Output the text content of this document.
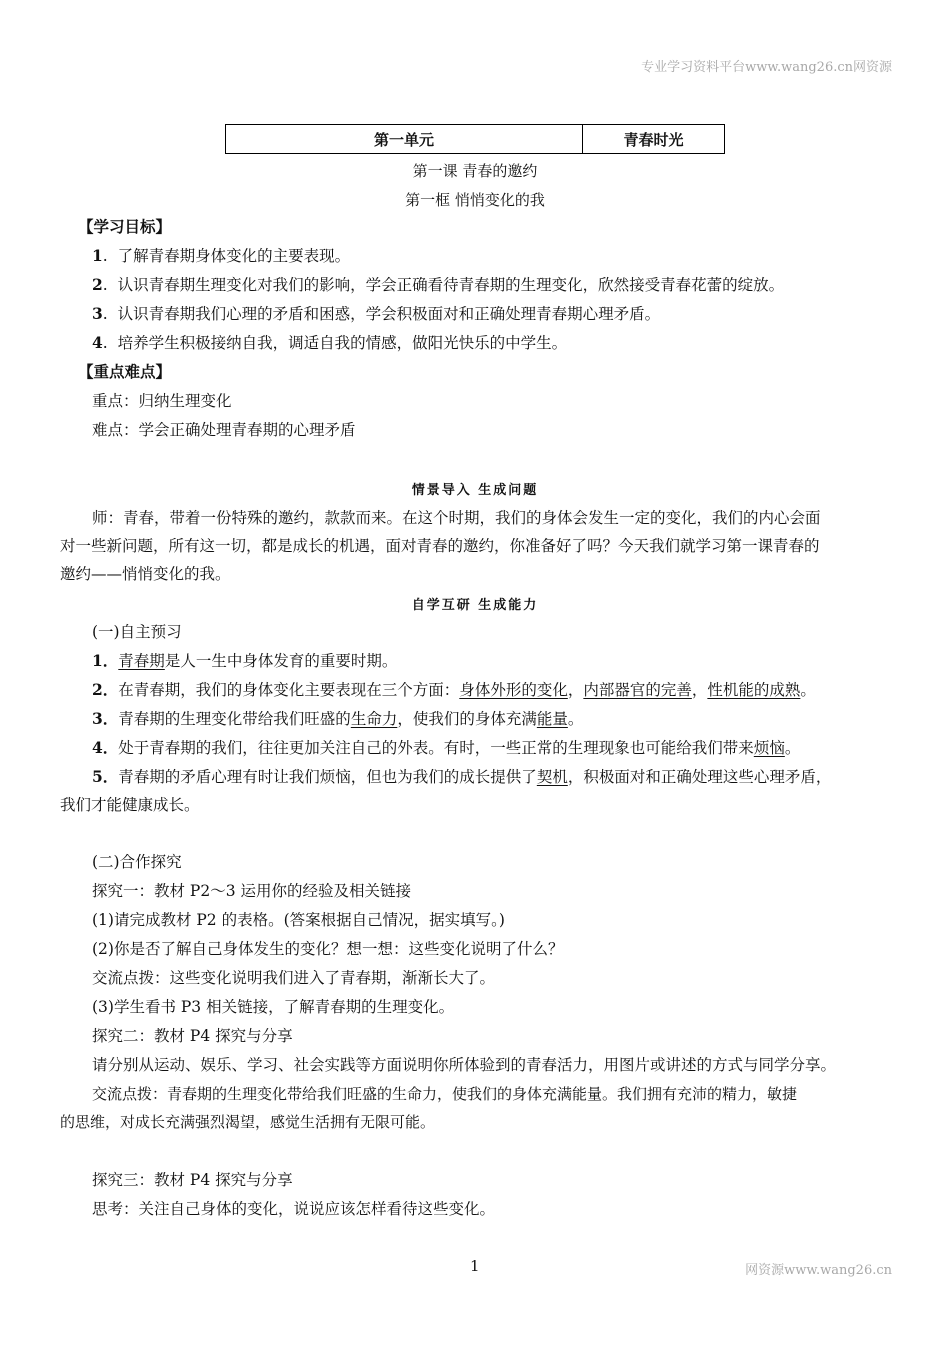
专业学习资料平台www.wang26.cn网资源
第一单元	青春时光
第一课 青春的邀约
第一框 悄悄变化的我
【学习目标】
1.  了解青春期身体变化的主要表现。
2.  认识青春期生理变化对我们的影响，学会正确看待青春期的生理变化，欣然接受青春花蕾的绽放。
3.  认识青春期我们心理的矛盾和困惑，学会积极面对和正确处理青春期心理矛盾。
4.  培养学生积极接纳自我，调适自我的情感，做阳光快乐的中学生。
【重点难点】
重点：归纳生理变化
难点：学会正确处理青春期的心理矛盾
情景导入 生成问题
师：青春，带着一份特殊的邀约，款款而来。在这个时期，我们的身体会发生一定的变化，我们的内心会面
对一些新问题，所有这一切，都是成长的机遇，面对青春的邀约，你准备好了吗？今天我们就学习第一课青春的
邀约——悄悄变化的我。
自学互研 生成能力
(一)自主预习
1．青春期是人一生中身体发育的重要时期。
2．在青春期，我们的身体变化主要表现在三个方面：身体外形的变化，内部器官的完善，性机能的成熟。
3．青春期的生理变化带给我们旺盛的生命力，使我们的身体充满能量。
4．处于青春期的我们，往往更加关注自己的外表。有时，一些正常的生理现象也可能给我们带来烦恼。
5．青春期的矛盾心理有时让我们烦恼，但也为我们的成长提供了契机，积极面对和正确处理这些心理矛盾，
我们才能健康成长。
(二)合作探究
探究一：教材 P2～3 运用你的经验及相关链接
(1)请完成教材 P2 的表格。(答案根据自己情况，据实填写。)
(2)你是否了解自己身体发生的变化？想一想：这些变化说明了什么？
交流点拨：这些变化说明我们进入了青春期，渐渐长大了。
(3)学生看书 P3 相关链接，了解青春期的生理变化。
探究二：教材 P4 探究与分享
请分别从运动、娱乐、学习、社会实践等方面说明你所体验到的青春活力，用图片或讲述的方式与同学分享。
交流点拨：青春期的生理变化带给我们旺盛的生命力，使我们的身体充满能量。我们拥有充沛的精力，敏捷
的思维，对成长充满强烈渴望，感觉生活拥有无限可能。
探究三：教材 P4 探究与分享
思考：关注自己身体的变化，说说应该怎样看待这些变化。
1	网资源www.wang26.cn
